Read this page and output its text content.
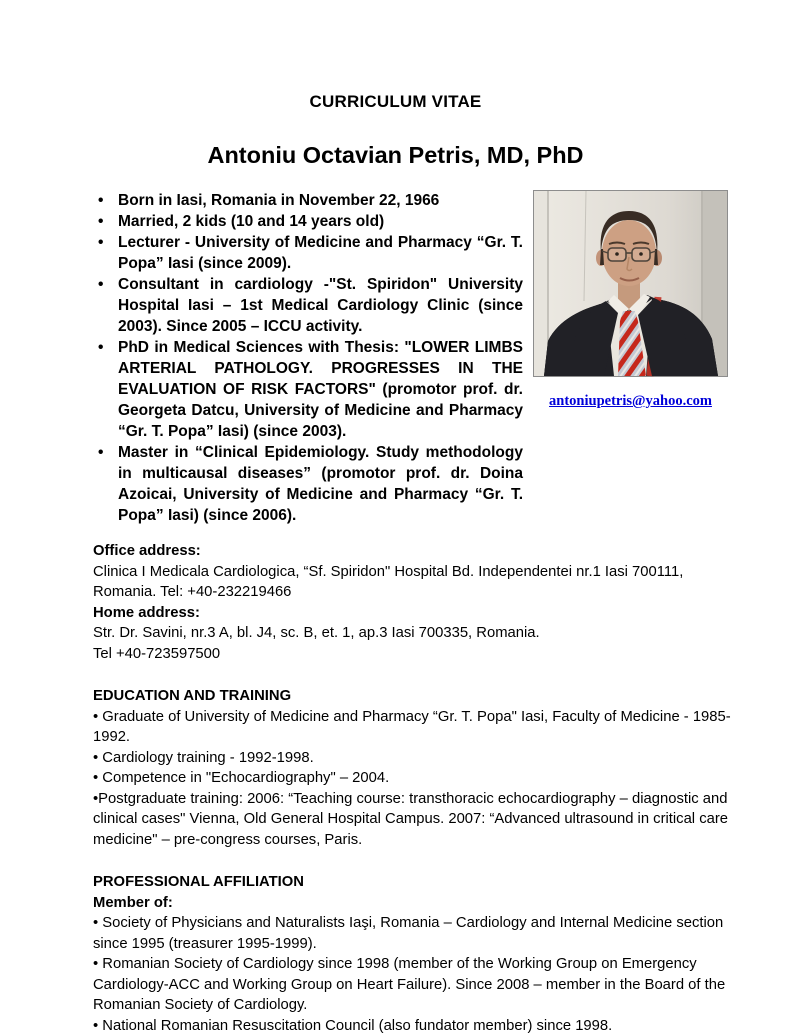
CURRICULUM VITAE
Antoniu Octavian Petris, MD, PhD
• Born in Iasi, Romania in November 22, 1966
• Married, 2 kids (10 and 14 years old)
• Lecturer - University of Medicine and Pharmacy “Gr. T. Popa” Iasi (since 2009).
• Consultant in cardiology -"St. Spiridon" University Hospital Iasi – 1st Medical Cardiology Clinic (since 2003). Since 2005 – ICCU activity.
• PhD in Medical Sciences with Thesis: "LOWER LIMBS ARTERIAL PATHOLOGY. PROGRESSES IN THE EVALUATION OF RISK FACTORS" (promotor prof. dr. Georgeta Datcu, University of Medicine and Pharmacy “Gr. T. Popa” Iasi) (since 2003).
• Master in “Clinical Epidemiology. Study methodology in multicausal diseases” (promotor prof. dr. Doina Azoicai, University of Medicine and Pharmacy “Gr. T. Popa” Iasi) (since 2006).
antoniupetris@yahoo.com
Office address:
Clinica I Medicala Cardiologica, “Sf. Spiridon" Hospital Bd. Independentei nr.1 Iasi 700111, Romania. Tel: +40-232219466
Home address:
Str. Dr. Savini, nr.3 A, bl. J4, sc. B, et. 1, ap.3 Iasi 700335, Romania.
Tel +40-723597500
EDUCATION AND TRAINING
• Graduate of University of Medicine and Pharmacy “Gr. T. Popa" Iasi, Faculty of Medicine - 1985-1992.
• Cardiology training - 1992-1998.
• Competence in "Echocardiography" – 2004.
•Postgraduate training: 2006: “Teaching course: transthoracic echocardiography – diagnostic and clinical cases" Vienna, Old General Hospital Campus. 2007: “Advanced ultrasound in critical care medicine" – pre-congress courses, Paris.
PROFESSIONAL AFFILIATION
Member of:
• Society of Physicians and Naturalists Iaşi, Romania – Cardiology and Internal Medicine section since 1995 (treasurer 1995-1999).
• Romanian Society of Cardiology since 1998 (member of the Working Group on Emergency Cardiology-ACC and Working Group on Heart Failure). Since 2008 – member in the Board of the Romanian Society of Cardiology.
• National Romanian Resuscitation Council (also fundator member) since 1998.
